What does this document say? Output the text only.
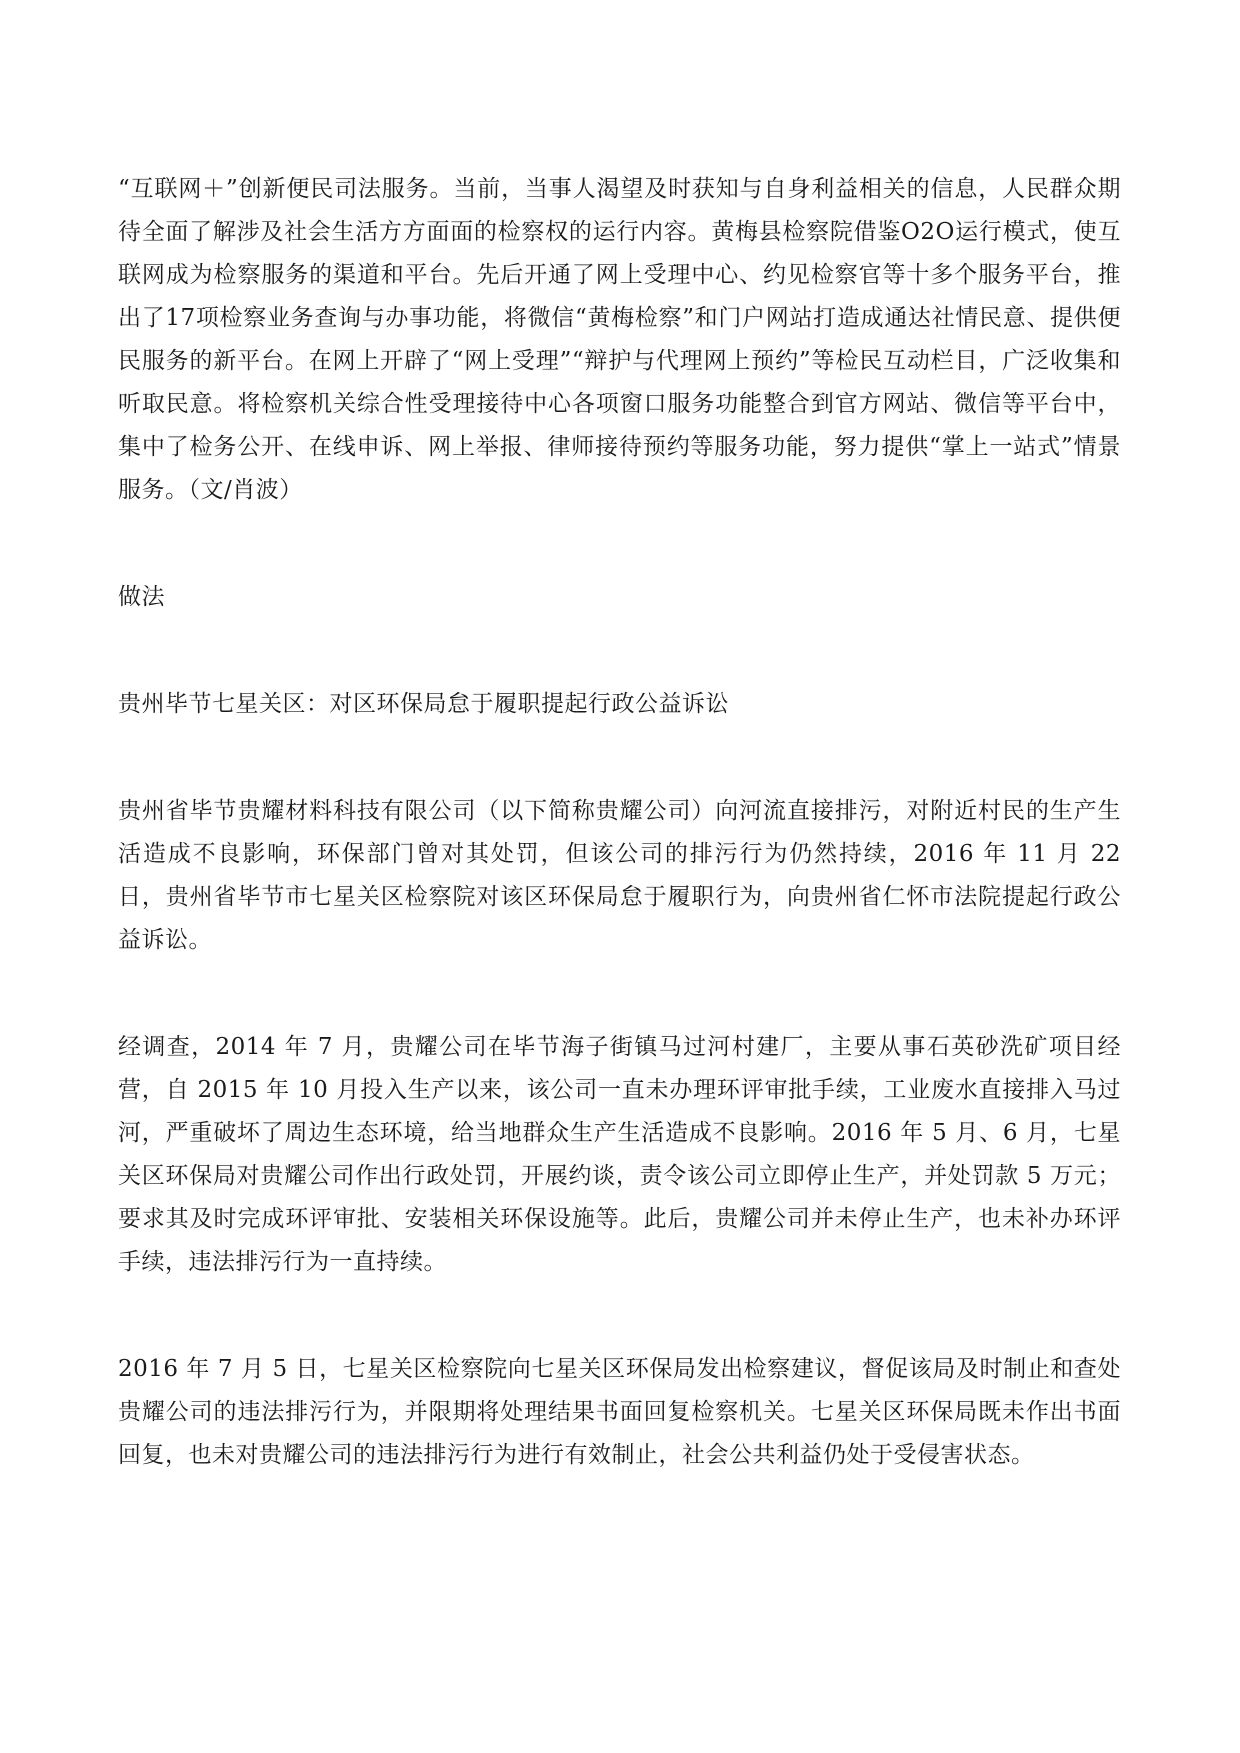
“互联网＋”创新便民司法服务。当前，当事人渴望及时获知与自身利益相关的信息，人民群众期待全面了解涉及社会生活方方面面的检察权的运行内容。黄梅县检察院借鉴O2O运行模式，使互联网成为检察服务的渠道和平台。先后开通了网上受理中心、约见检察官等十多个服务平台，推出了17项检察业务查询与办事功能，将微信“黄梅检察”和门户网站打造成通达社情民意、提供便民服务的新平台。在网上开辟了“网上受理”“辩护与代理网上预约”等检民互动栏目，广泛收集和听取民意。将检察机关综合性受理接待中心各项窗口服务功能整合到官方网站、微信等平台中，集中了检务公开、在线申诉、网上举报、律师接待预约等服务功能，努力提供“掌上一站式”情景服务。（文/肖波）

做法

贵州毕节七星关区：对区环保局怠于履职提起行政公益诉讼

贵州省毕节贵耀材料科技有限公司（以下简称贵耀公司）向河流直接排污，对附近村民的生产生活造成不良影响，环保部门曾对其处罚，但该公司的排污行为仍然持续，2016 年 11 月 22 日，贵州省毕节市七星关区检察院对该区环保局怠于履职行为，向贵州省仁怀市法院提起行政公益诉讼。

经调查，2014 年 7 月，贵耀公司在毕节海子街镇马过河村建厂，主要从事石英砂洗矿项目经营，自 2015 年 10 月投入生产以来，该公司一直未办理环评审批手续，工业废水直接排入马过河，严重破坏了周边生态环境，给当地群众生产生活造成不良影响。2016 年 5 月、6 月，七星关区环保局对贵耀公司作出行政处罚，开展约谈，责令该公司立即停止生产，并处罚款 5 万元；要求其及时完成环评审批、安装相关环保设施等。此后，贵耀公司并未停止生产，也未补办环评手续，违法排污行为一直持续。

2016 年 7 月 5 日，七星关区检察院向七星关区环保局发出检察建议，督促该局及时制止和查处贵耀公司的违法排污行为，并限期将处理结果书面回复检察机关。七星关区环保局既未作出书面回复，也未对贵耀公司的违法排污行为进行有效制止，社会公共利益仍处于受侵害状态。
